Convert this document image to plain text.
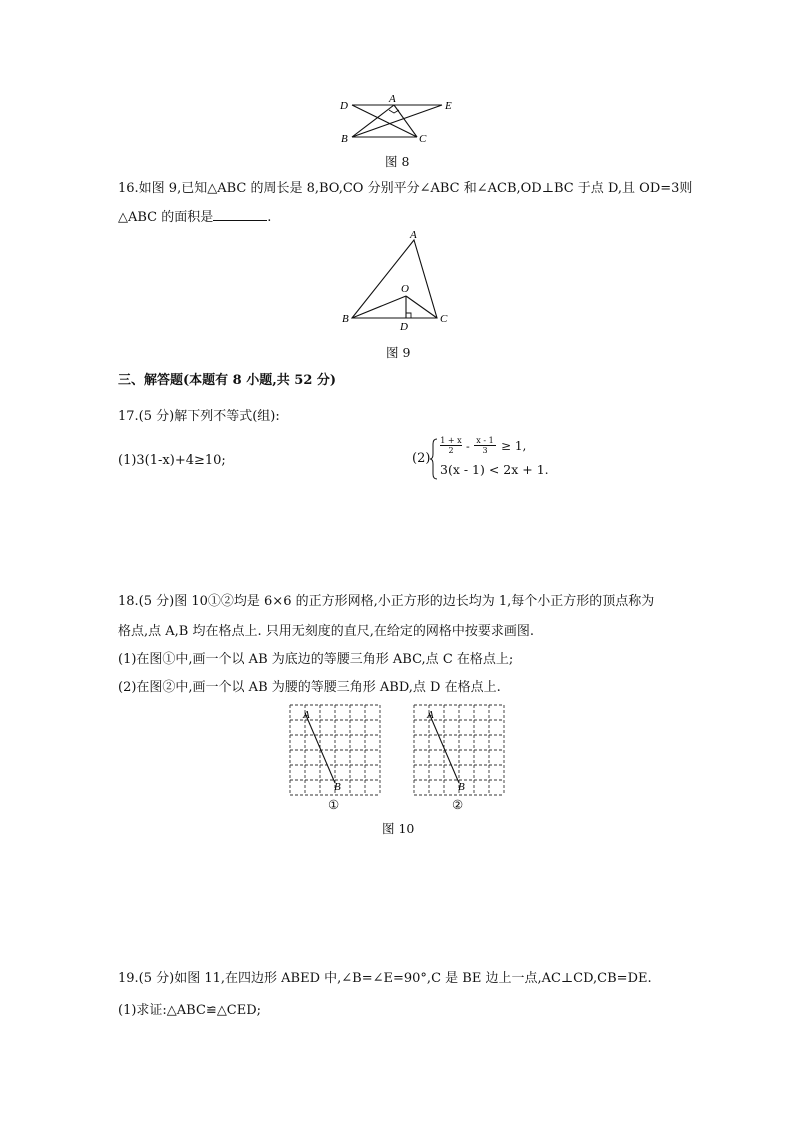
D
A
E
B	C
图 8
16.如图 9,已知△ABC 的周长是 8,BO,CO 分别平分∠ABC 和∠ACB,OD⊥BC 于点 D,且 OD=3则
△ABC 的面积是	.
A
O
B
D
C
图 9
三、解答题(本题有 8 小题,共 52 分)
17.(5 分)解下列不等式(组):
(1)3(1-x)+4≥10;	(2)
$\frac{1 + x}{2} - \frac{x - 1}{3} \ge 1$,
3(x - 1) < 2x + 1.
18.(5 分)图 10①②均是 6×6 的正方形网格,小正方形的边长均为 1,每个小正方形的顶点称为
格点,点 A,B 均在格点上. 只用无刻度的直尺,在给定的网格中按要求画图.
(1)在图①中,画一个以 AB 为底边的等腰三角形 ABC,点 C 在格点上;
(2)在图②中,画一个以 AB 为腰的等腰三角形 ABD,点 D 在格点上.
A
B
①
A
B
②
图 10
19.(5 分)如图 11,在四边形 ABED 中,∠B=∠E=90°,C 是 BE 边上一点,AC⊥CD,CB=DE.
(1)求证:△ABC≌△CED;
